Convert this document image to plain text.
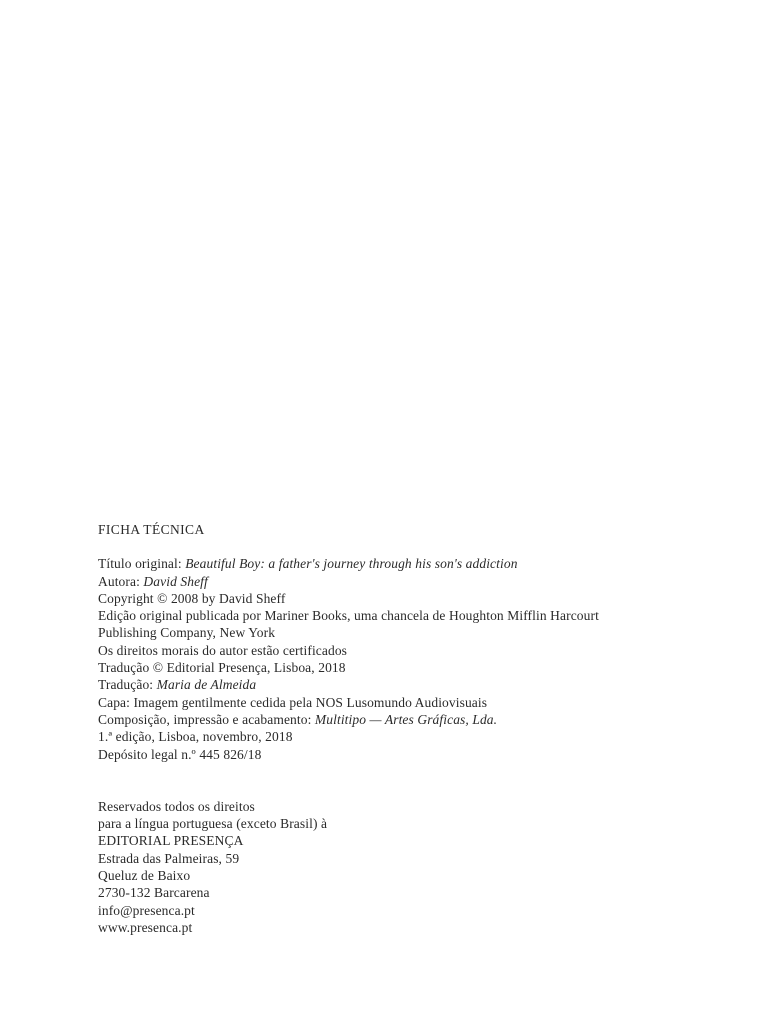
FICHA TÉCNICA
Título original: Beautiful Boy: a father's journey through his son's addiction
Autora: David Sheff
Copyright © 2008 by David Sheff
Edição original publicada por Mariner Books, uma chancela de Houghton Mifflin Harcourt
Publishing Company, New York
Os direitos morais do autor estão certificados
Tradução © Editorial Presença, Lisboa, 2018
Tradução: Maria de Almeida
Capa: Imagem gentilmente cedida pela NOS Lusomundo Audiovisuais
Composição, impressão e acabamento: Multitipo — Artes Gráficas, Lda.
1.ª edição, Lisboa, novembro, 2018
Depósito legal n.º 445 826/18
Reservados todos os direitos
para a língua portuguesa (exceto Brasil) à
EDITORIAL PRESENÇA
Estrada das Palmeiras, 59
Queluz de Baixo
2730-132 Barcarena
info@presenca.pt
www.presenca.pt
